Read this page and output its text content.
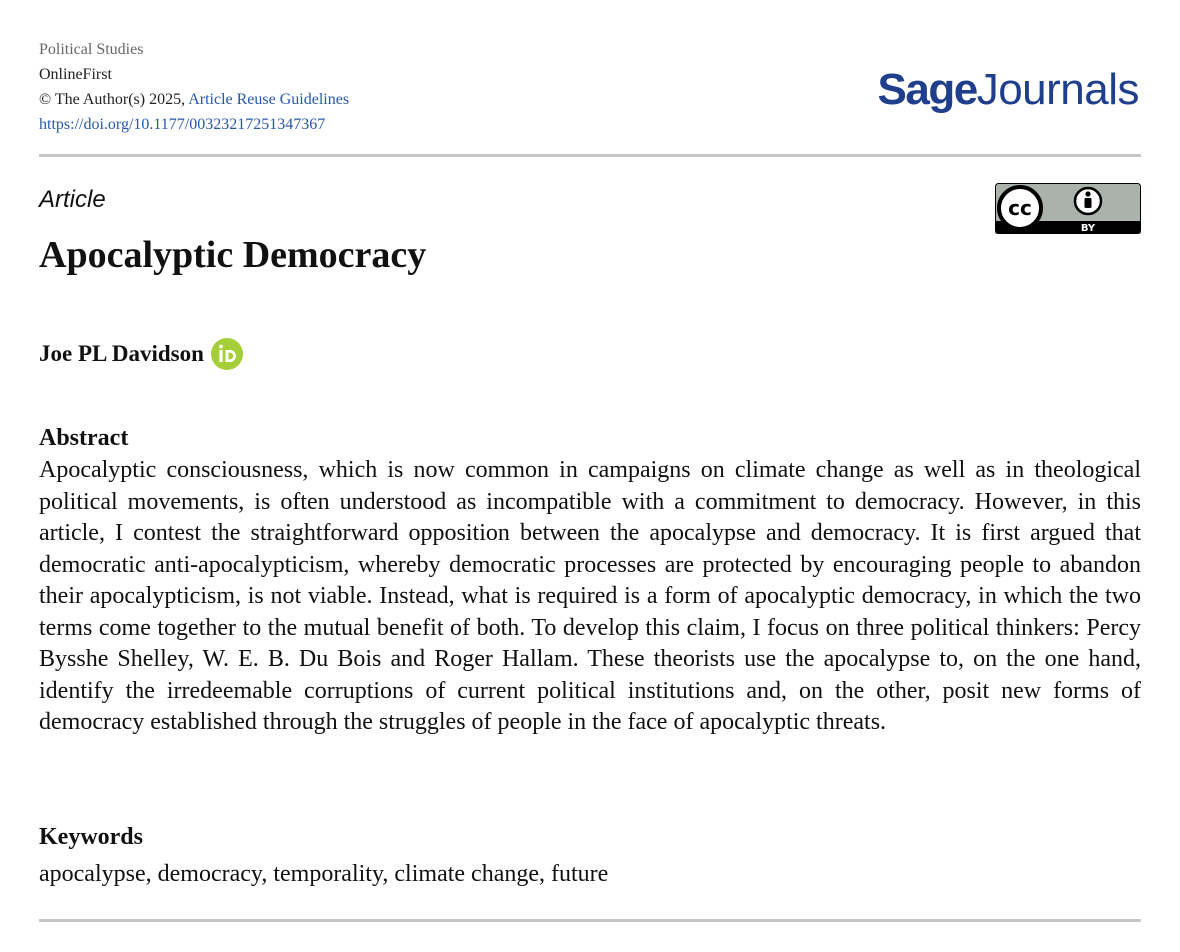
Political Studies
OnlineFirst
© The Author(s) 2025, Article Reuse Guidelines
https://doi.org/10.1177/00323217251347367
SageJournals
Article	cc
BY
Apocalyptic Democracy
Joe PL Davidson
Abstract

Apocalyptic consciousness, which is now common in campaigns on climate change as well as in theological political movements, is often understood as incompatible with a commitment to democracy. However, in this article, I contest the straightforward opposition between the apocalypse and democracy. It is first argued that democratic anti-apocalypticism, whereby democratic processes are protected by encouraging people to abandon their apocalypticism, is not viable. Instead, what is required is a form of apocalyptic democracy, in which the two terms come together to the mutual benefit of both. To develop this claim, I focus on three political thinkers: Percy Bysshe Shelley, W. E. B. Du Bois and Roger Hallam. These theorists use the apocalypse to, on the one hand, identify the irredeemable corruptions of current political institutions and, on the other, posit new forms of democracy established through the struggles of people in the face of apocalyptic threats.

Keywords
apocalypse, democracy, temporality, climate change, future
